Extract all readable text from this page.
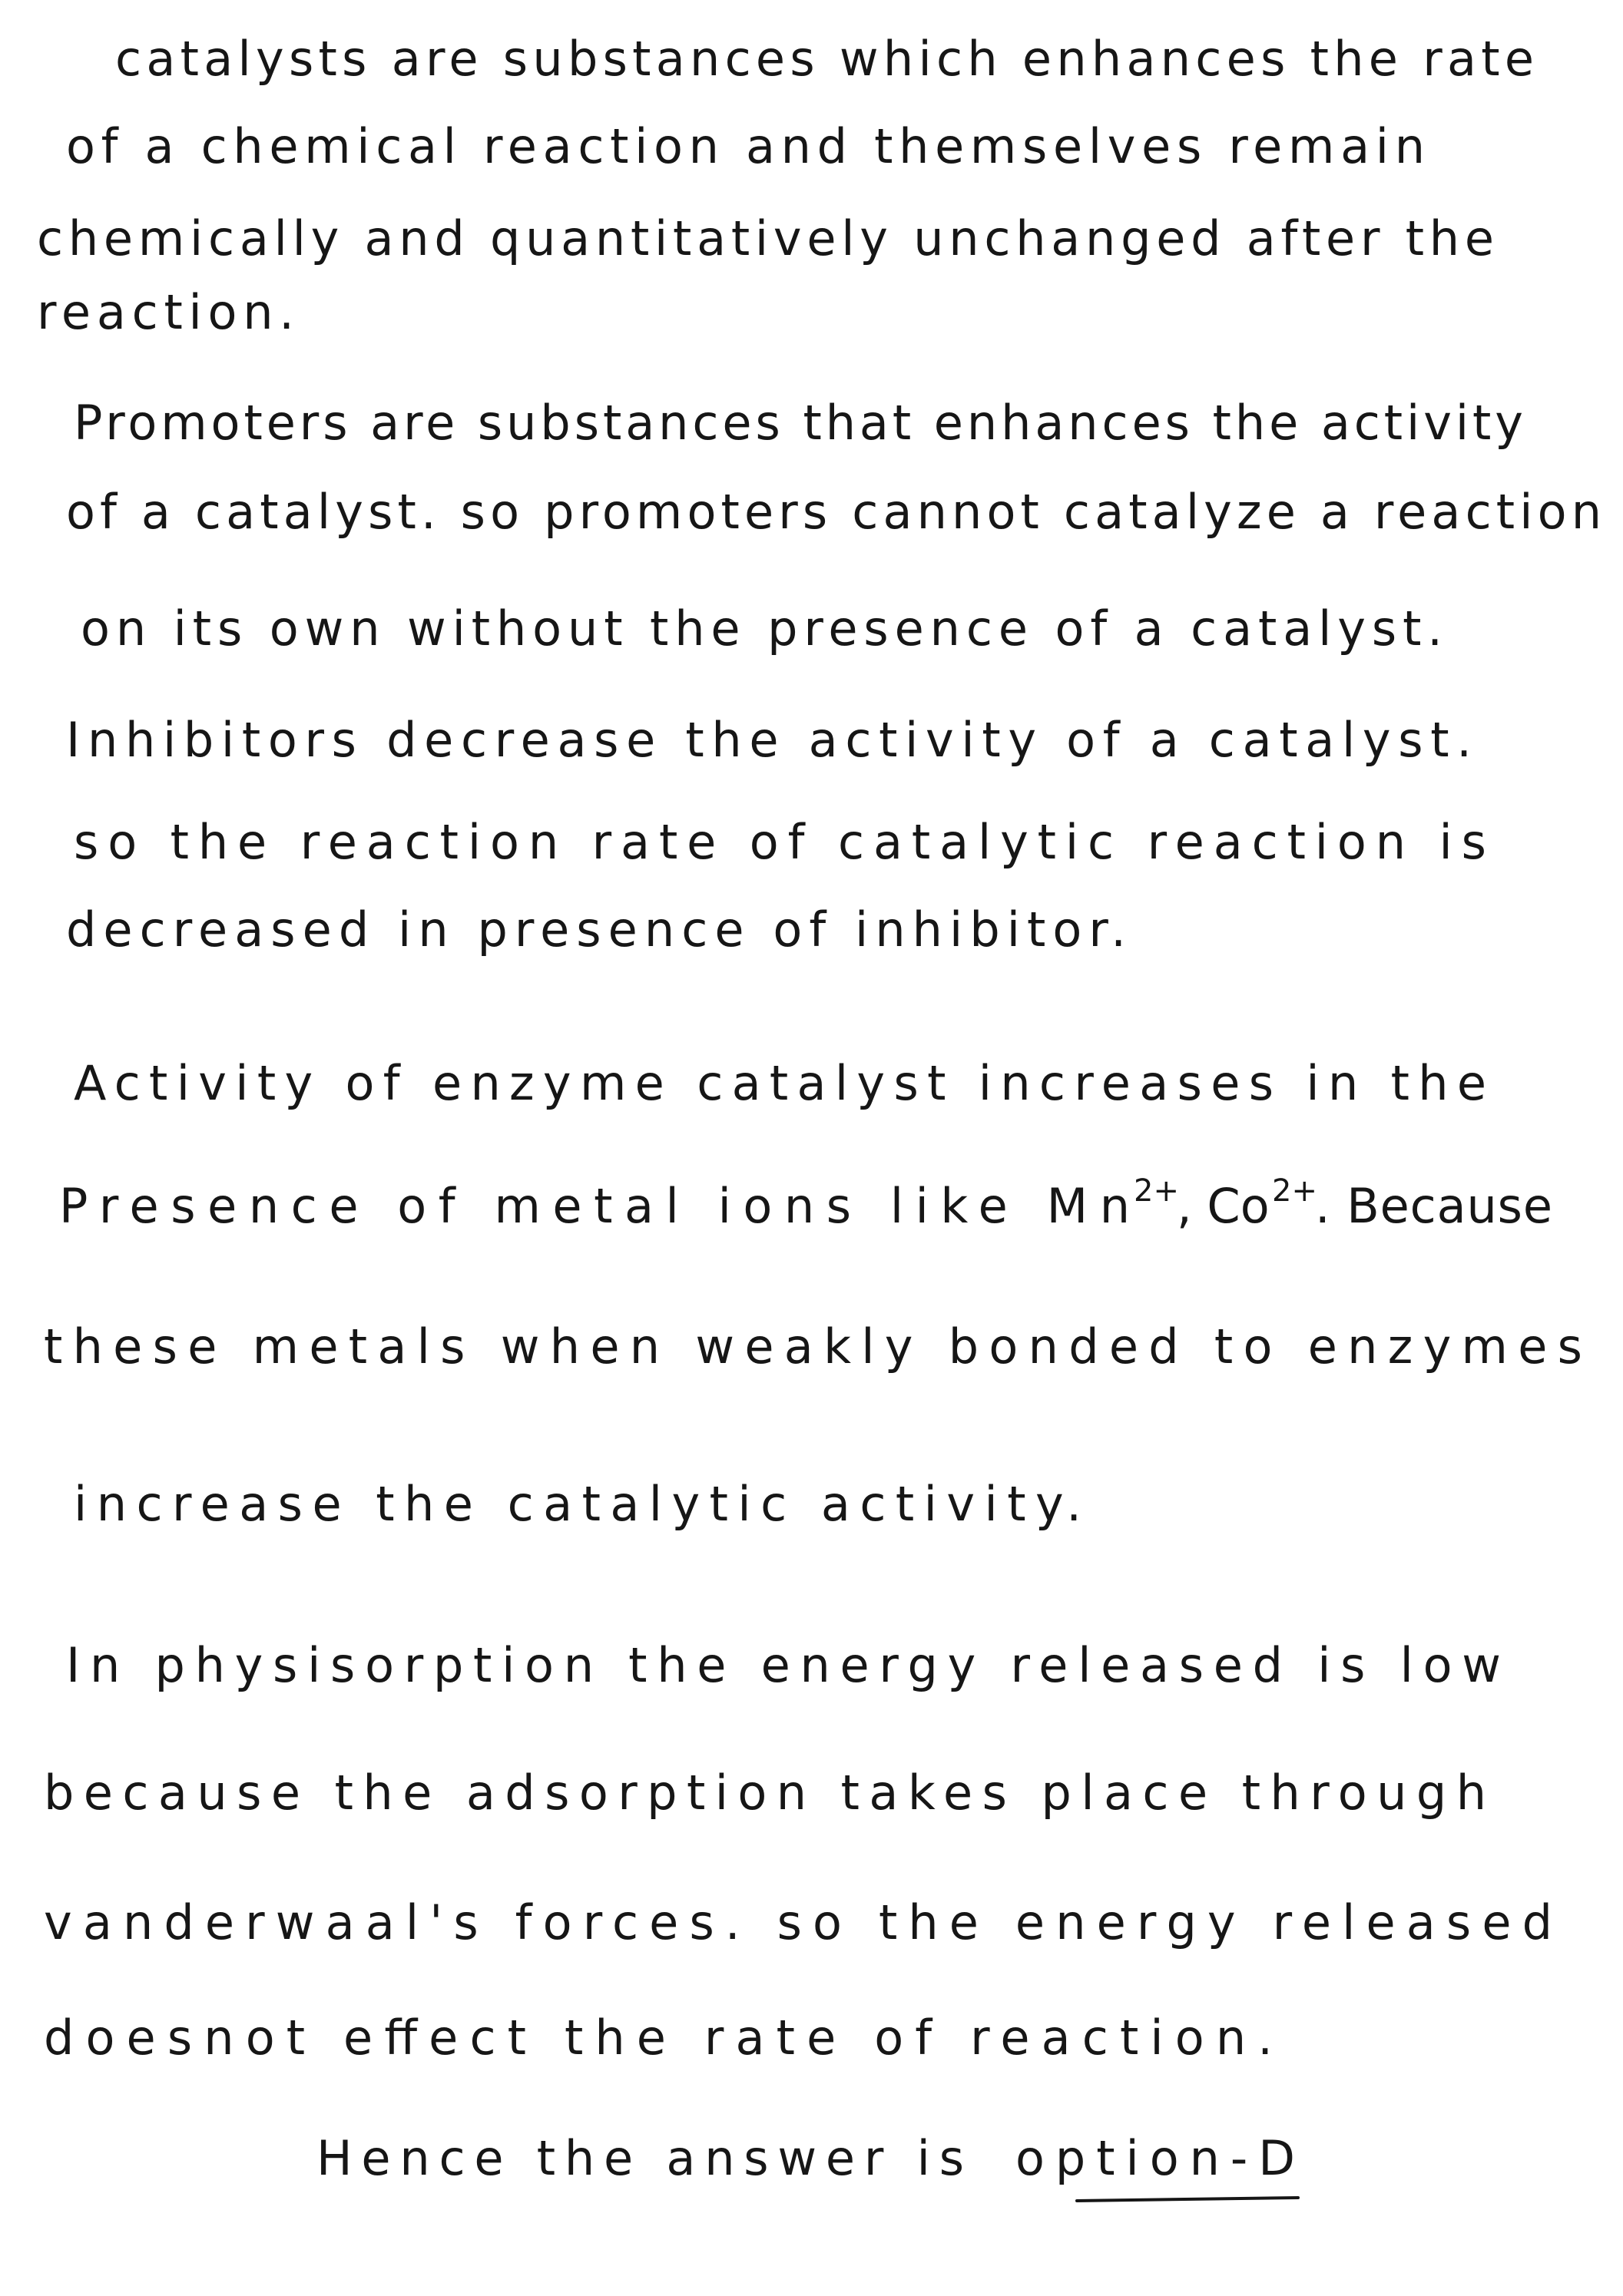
catalysts are substances which enhances the rate
of a chemical reaction and themselves remain
chemically and quantitatively unchanged after the
reaction.
Promoters are substances that enhances the activity
of a catalyst. so promoters cannot catalyze a reaction
on its own without the presence of a catalyst.
Inhibitors decrease the activity of a catalyst.
so the reaction rate of catalytic reaction is
decreased in presence of inhibitor.
Activity of enzyme catalyst increases in the
Presence of metal ions like Mn 2+
, Co 2+
. Because
these metals when weakly bonded to enzymes
increase the catalytic activity.
In physisorption the energy released is low
because the adsorption takes place through
vanderwaal's forces. so the energy released
doesnot effect the rate of reaction.
Hence the answer is option-D
